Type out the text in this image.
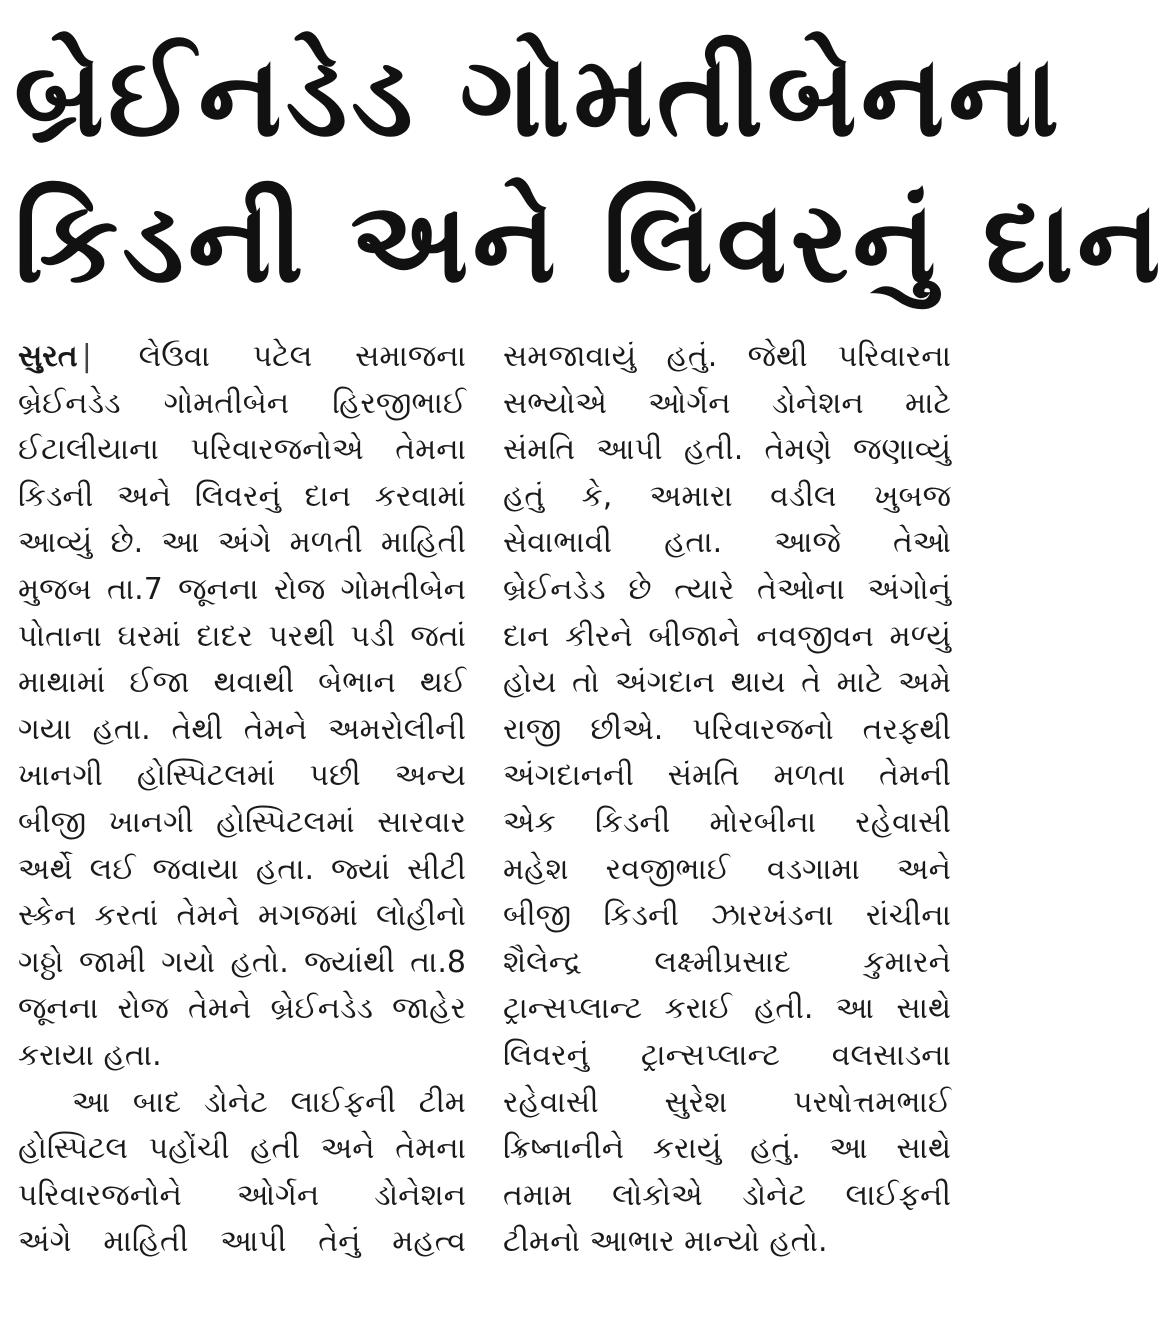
બ્રેઈનડેડ ગોમતીબેનના
કિડની અને લિવરનું દાન
સુરત | લેઉવા પટેલ સમાજના
બ્રેઈનડેડ ગોમતીબેન હિરજીભાઈ
ઈટાલીયાના પરિવારજનોએ તેમના
કિડની અને લિવરનું દાન કરવામાં
આવ્યું છે. આ અંગે મળતી માહિતી
મુજબ તા.7 જૂનના રોજ ગોમતીબેન
પોતાના ઘરમાં દાદર પરથી પડી જતાં
માથામાં ઈજા થવાથી બેભાન થઈ
ગયા હતા. તેથી તેમને અમરોલીની
ખાનગી હોસ્પિટલમાં પછી અન્ય
બીજી ખાનગી હોસ્પિટલમાં સારવાર
અર્થે લઈ જવાયા હતા. જ્યાં સીટી
સ્કેન કરતાં તેમને મગજમાં લોહીનો
ગઠ્ઠો જામી ગયો હતો. જ્યાંથી તા.8
જૂનના રોજ તેમને બ્રેઈનડેડ જાહેર
કરાયા હતા.
આ બાદ ડોનેટ લાઈફની ટીમ
હોસ્પિટલ પહોંચી હતી અને તેમના
પરિવારજનોને ઓર્ગન ડોનેશન
અંગે માહિતી આપી તેનું મહત્વ
સમજાવાયું હતું. જેથી પરિવારના
સભ્યોએ ઓર્ગન ડોનેશન માટે
સંમતિ આપી હતી. તેમણે જણાવ્યું
હતું કે, અમારા વડીલ ખુબજ
સેવાભાવી હતા. આજે તેઓ
બ્રેઈનડેડ છે ત્યારે તેઓના અંગોનું
દાન કીરને બીજાને નવજીવન મળ્યું
હોય તો અંગદાન થાય તે માટે અમે
રાજી છીએ. પરિવારજનો તરફથી
અંગદાનની સંમતિ મળતા તેમની
એક કિડની મોરબીના રહેવાસી
મહેશ રવજીભાઈ વડગામા અને
બીજી કિડની ઝારખંડના રાંચીના
શૈલેન્દ્ર લક્ષ્મીપ્રસાદ કુમારને
ટ્રાન્સપ્લાન્ટ કરાઈ હતી. આ સાથે
લિવરનું ટ્રાન્સપ્લાન્ટ વલસાડના
રહેવાસી સુરેશ પરષોત્તમભાઈ
ક્રિષ્નાનીને કરાયું હતું. આ સાથે
તમામ લોકોએ ડોનેટ લાઈફની
ટીમનો આભાર માન્યો હતો.
